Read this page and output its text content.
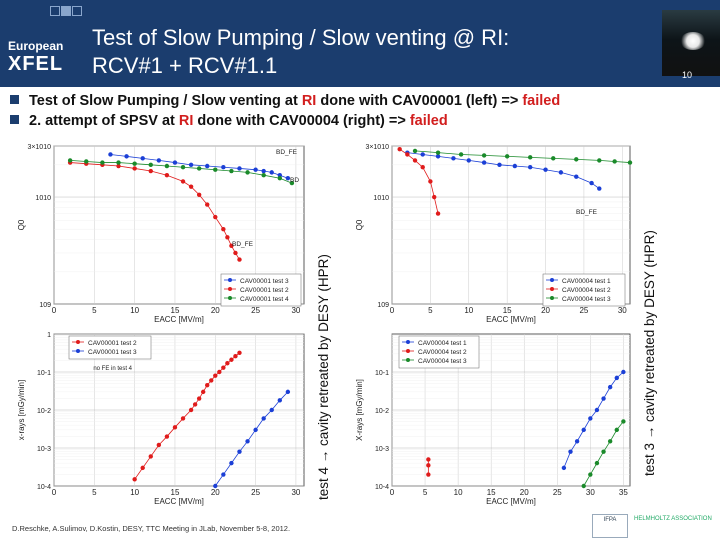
European
XFEL
Test of Slow Pumping / Slow venting @ RI:
RCV#1 + RCV#1.1	10
Test of Slow Pumping / Slow venting at RI done with CAV00001 (left) => failed
2. attempt of SPSV at RI done with CAV00004 (right) => failed
0	5	10	15	20	25	30
109
1010
3×1010
EACC [MV/m]
Q0
CAV00001 test 3
CAV00001 test 2
CAV00001 test 4
BD_FE
BD
BD_FE
0	5	10	15	20	25	30
10-4
10-3
10-2
10-1
1
EACC [MV/m]
x-rays [mGy/min]
CAV00001 test 2
CAV00001 test 3
no FE in test 4
0	5	10	15	20	25	30
109
1010
3×1010
EACC [MV/m]
Q0
CAV00004 test 1
CAV00004 test 2
CAV00004 test 3
BD_FE
0	5	10	15	20	25	30	35
10-4
10-3
10-2
10-1
EACC [MV/m]
X-rays [mGy/min]
CAV00004 test 1
CAV00004 test 2
CAV00004 test 3
test 4 → cavity retreated by DESY (HPR)	test 3 → cavity retreated by DESY (HPR)
D.Reschke, A.Sulimov, D.Kostin, DESY, TTC Meeting in JLab, November 5-8, 2012.
IFPA	HELMHOLTZ ASSOCIATION
